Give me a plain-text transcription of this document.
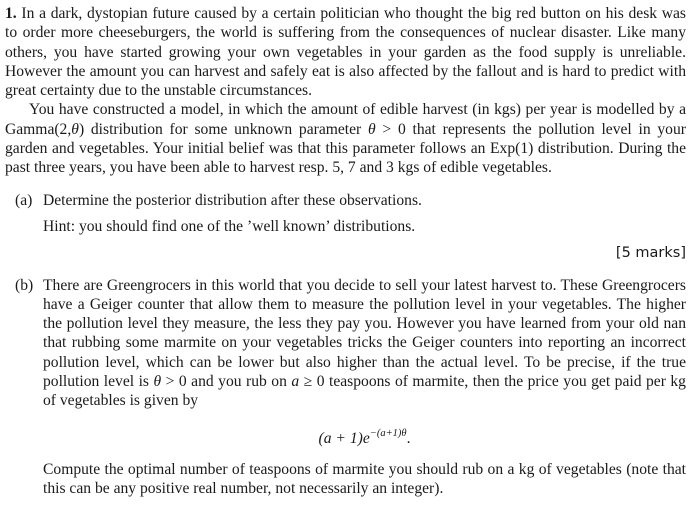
1. In a dark, dystopian future caused by a certain politician who thought the big red button on his desk was to order more cheeseburgers, the world is suffering from the consequences of nuclear disaster. Like many others, you have started growing your own vegetables in your garden as the food supply is unreliable. However the amount you can harvest and safely eat is also affected by the fallout and is hard to predict with great certainty due to the unstable circumstances.

You have constructed a model, in which the amount of edible harvest (in kgs) per year is modelled by a Gamma(2,θ) distribution for some unknown parameter θ > 0 that represents the pollution level in your garden and vegetables. Your initial belief was that this parameter follows an Exp(1) distribution. During the past three years, you have been able to harvest resp. 5, 7 and 3 kgs of edible vegetables.

(a) Determine the posterior distribution after these observations.

Hint: you should find one of the ’well known’ distributions.

[5 marks]
(b) There are Greengrocers in this world that you decide to sell your latest harvest to. These Greengrocers have a Geiger counter that allow them to measure the pollution level in your vegetables. The higher the pollution level they measure, the less they pay you. However you have learned from your old nan that rubbing some marmite on your vegetables tricks the Geiger counters into reporting an incorrect pollution level, which can be lower but also higher than the actual level. To be precise, if the true pollution level is θ > 0 and you rub on a ≥ 0 teaspoons of marmite, then the price you get paid per kg of vegetables is given by

$(a + 1)e^{-(a+1)\theta}$.

Compute the optimal number of teaspoons of marmite you should rub on a kg of vegetables (note that this can be any positive real number, not necessarily an integer).
